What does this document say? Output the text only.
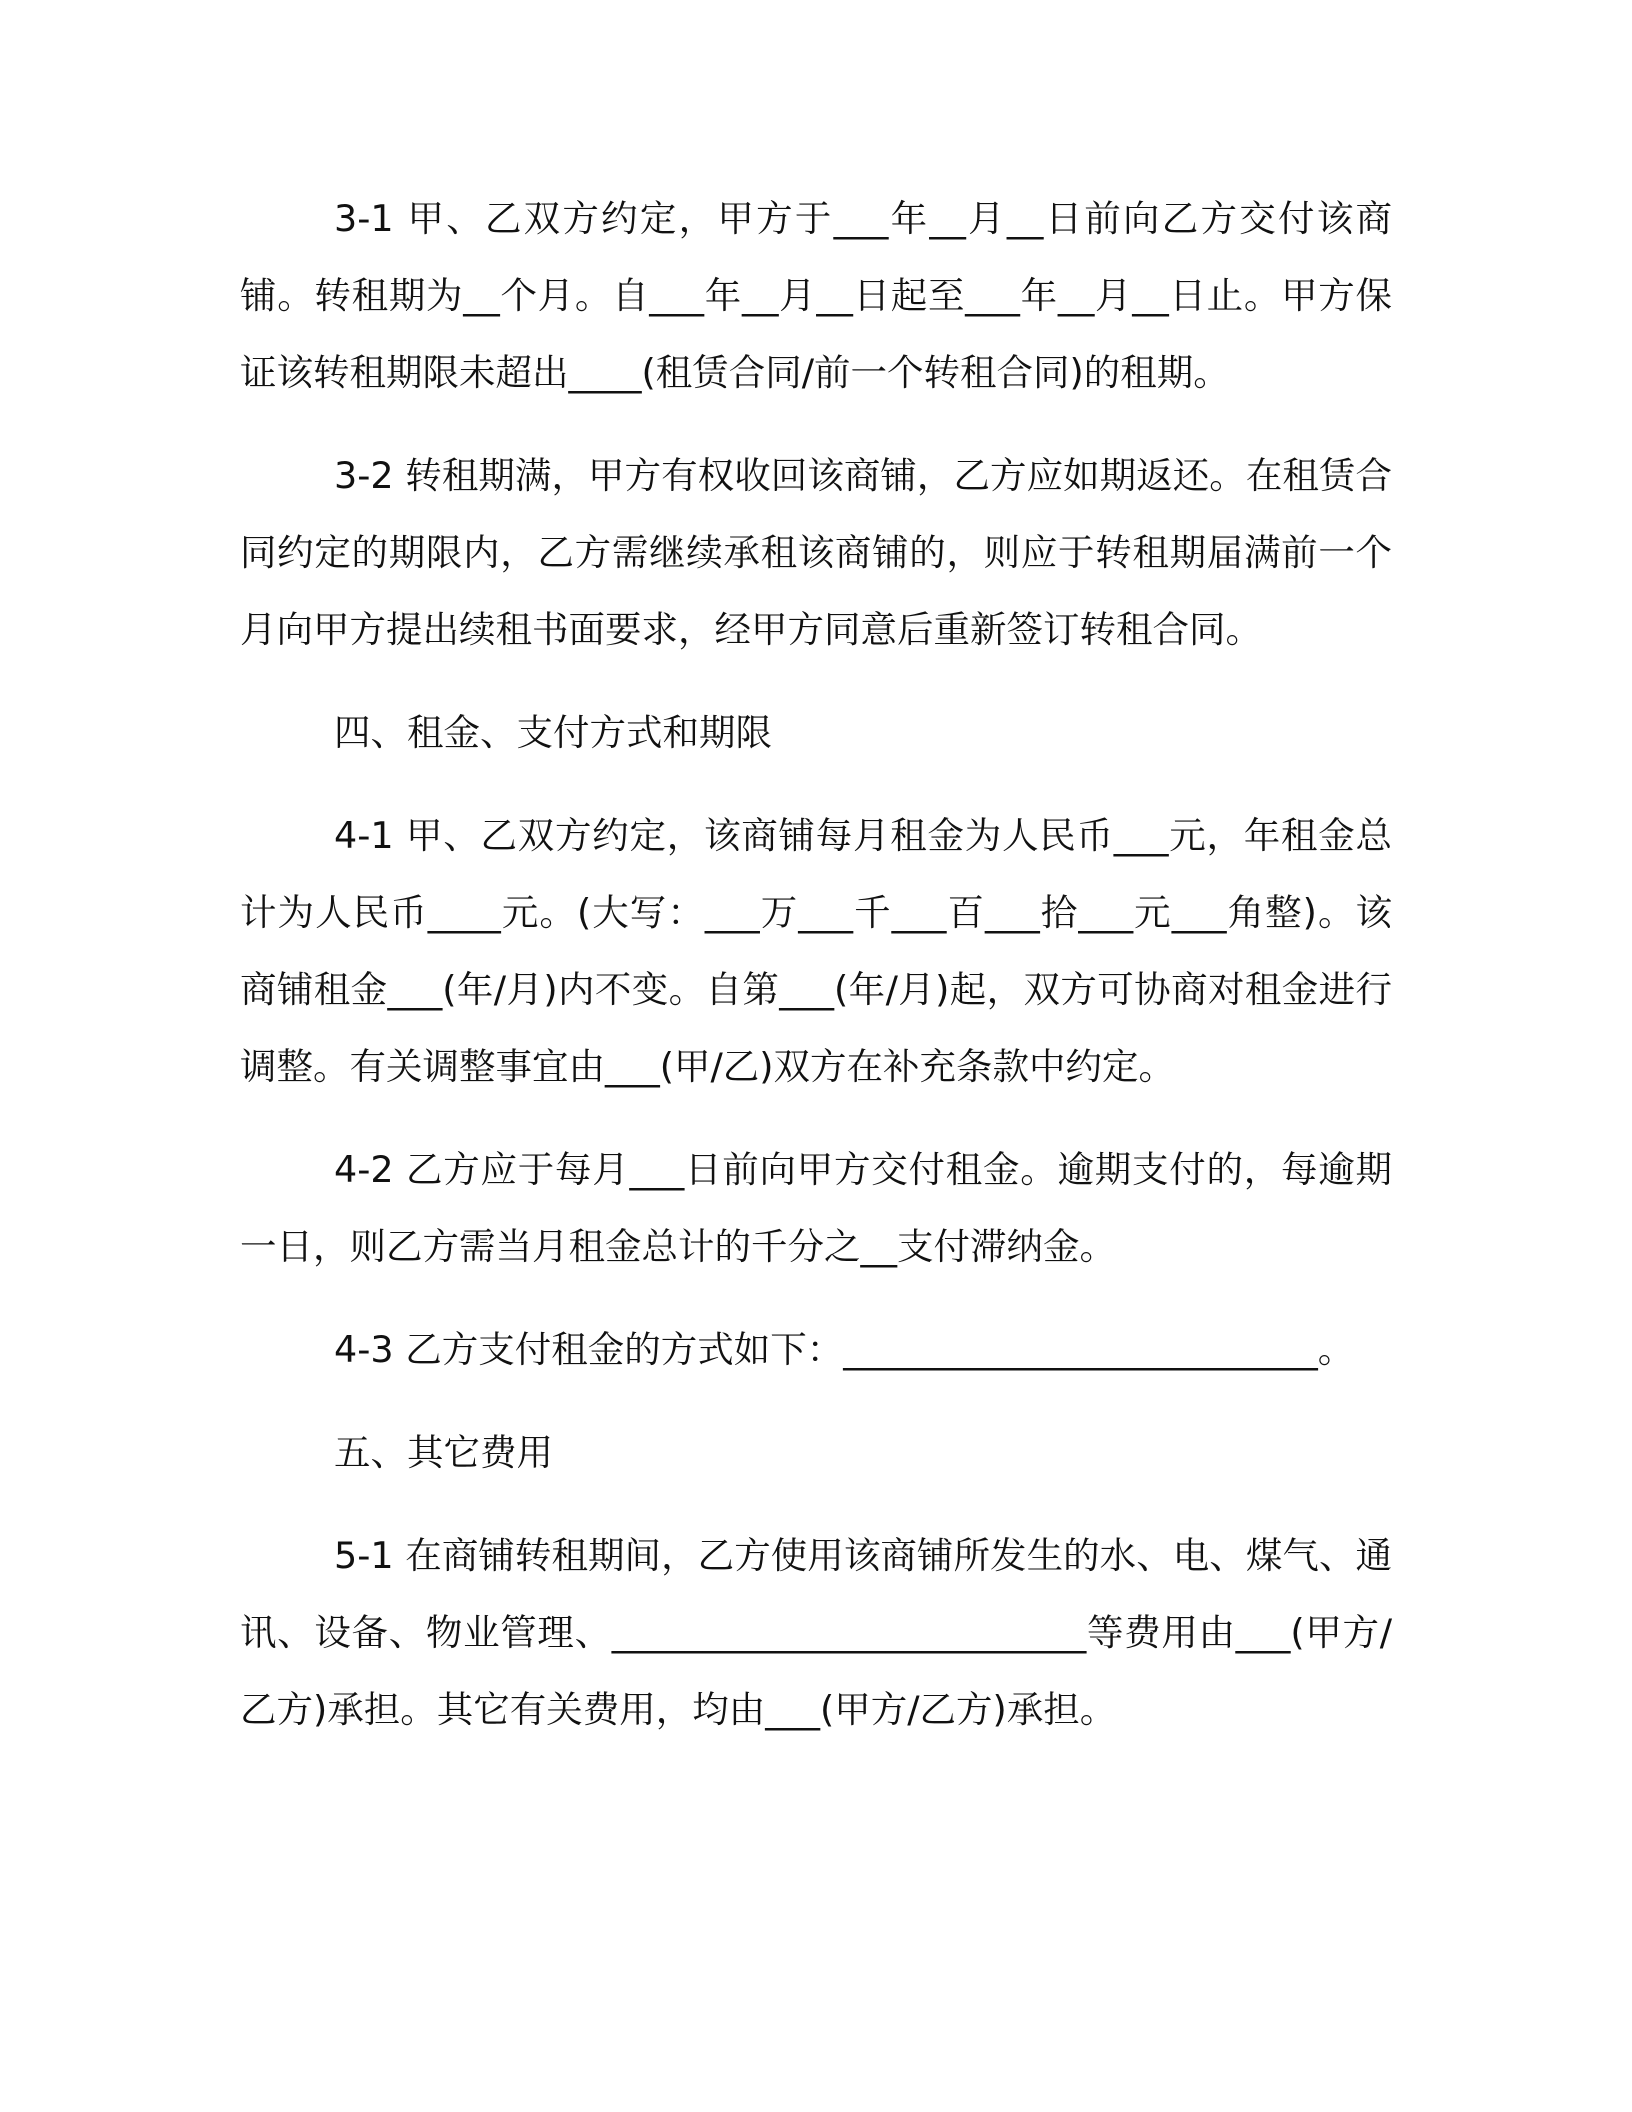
3-1 甲、乙双方约定，甲方于___年__月__日前向乙方交付该商铺。转租期为__个月。自___年__月__日起至___年__月__日止。甲方保证该转租期限未超出____(租赁合同/前一个转租合同)的租期。

3-2 转租期满，甲方有权收回该商铺，乙方应如期返还。在租赁合同约定的期限内，乙方需继续承租该商铺的，则应于转租期届满前一个月向甲方提出续租书面要求，经甲方同意后重新签订转租合同。

四、租金、支付方式和期限

4-1 甲、乙双方约定，该商铺每月租金为人民币___元，年租金总计为人民币____元。(大写：___万___千___百___拾___元___角整)。该商铺租金___(年/月)内不变。自第___(年/月)起，双方可协商对租金进行调整。有关调整事宜由___(甲/乙)双方在补充条款中约定。

4-2 乙方应于每月___日前向甲方交付租金。逾期支付的，每逾期一日，则乙方需当月租金总计的千分之__支付滞纳金。

4-3 乙方支付租金的方式如下：__________________________。

五、其它费用

5-1 在商铺转租期间，乙方使用该商铺所发生的水、电、煤气、通讯、设备、物业管理、__________________________等费用由___(甲方/乙方)承担。其它有关费用，均由___(甲方/乙方)承担。
